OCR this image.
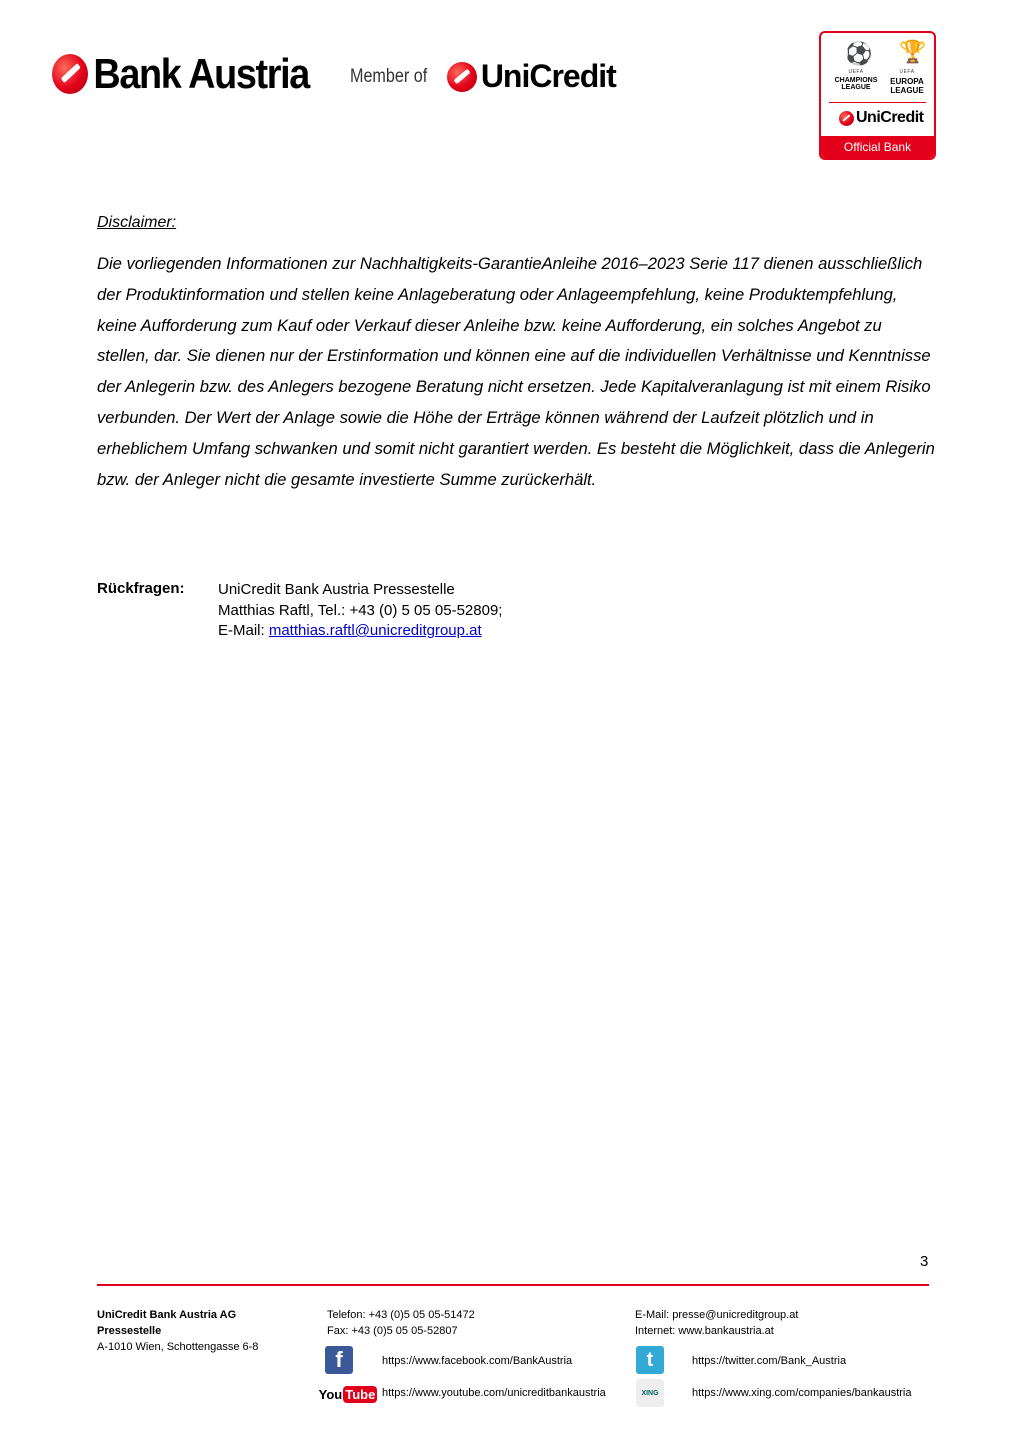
Bank Austria Member of UniCredit
⚽ 🏆
UEFA	UEFA
CHAMPIONS LEAGUE
EUROPA LEAGUE
UniCredit
Official Bank
Disclaimer:
Die vorliegenden Informationen zur Nachhaltigkeits-GarantieAnleihe 2016–2023 Serie 117 dienen ausschließlich der Produktinformation und stellen keine Anlageberatung oder Anlageempfehlung, keine Produktempfehlung, keine Aufforderung zum Kauf oder Verkauf dieser Anleihe bzw. keine Aufforderung, ein solches Angebot zu stellen, dar. Sie dienen nur der Erstinformation und können eine auf die individuellen Verhältnisse und Kenntnisse der Anlegerin bzw. des Anlegers bezogene Beratung nicht ersetzen. Jede Kapitalveranlagung ist mit einem Risiko verbunden. Der Wert der Anlage sowie die Höhe der Erträge können während der Laufzeit plötzlich und in erheblichem Umfang schwanken und somit nicht garantiert werden. Es besteht die Möglichkeit, dass die Anlegerin bzw. der Anleger nicht die gesamte investierte Summe zurückerhält.
Rückfragen: UniCredit Bank Austria Pressestelle
Matthias Raftl, Tel.: +43 (0) 5 05 05-52809;
E-Mail: matthias.raftl@unicreditgroup.at
3
UniCredit Bank Austria AG
Pressestelle
A-1010 Wien, Schottengasse 6-8
Telefon: +43 (0)5 05 05-51472
Fax: +43 (0)5 05 05-52807
E-Mail: presse@unicreditgroup.at
Internet: www.bankaustria.at
f	https://www.facebook.com/BankAustria
You Tube https://www.youtube.com/unicreditbankaustria
t	https://twitter.com/Bank_Austria
XING	https://www.xing.com/companies/bankaustria
